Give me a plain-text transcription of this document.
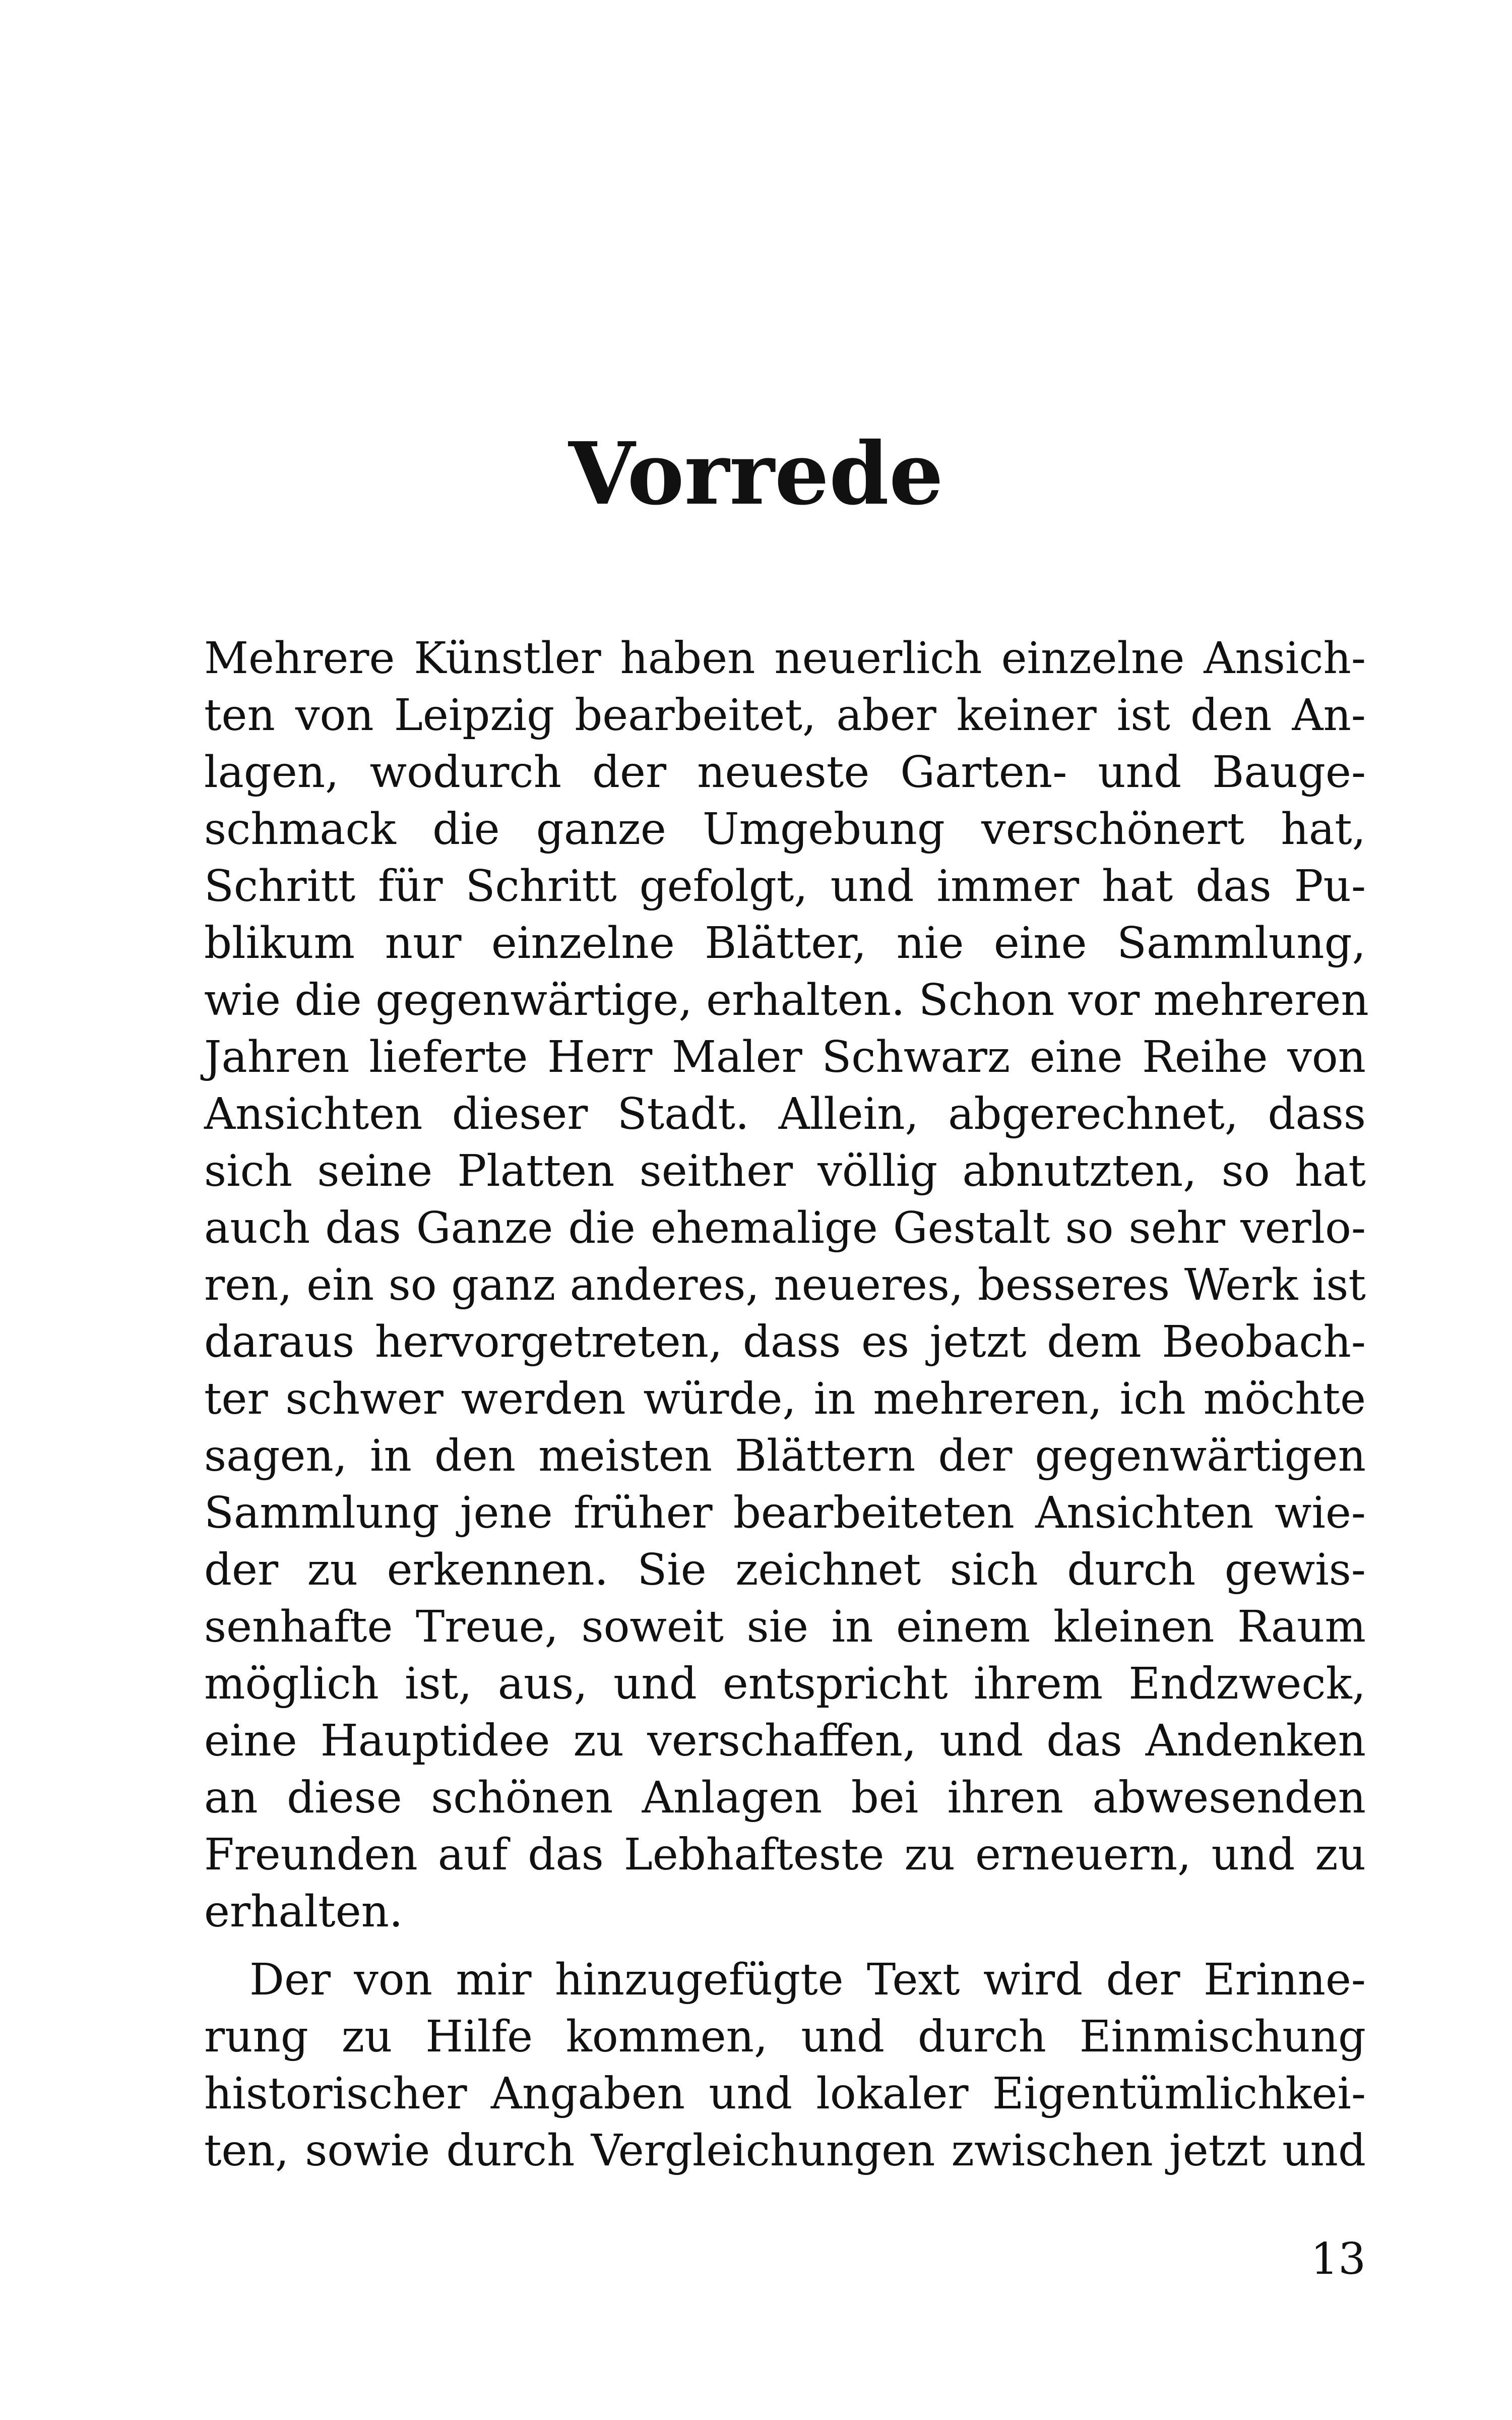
Vorrede
Mehrere Künstler haben neuerlich einzelne Ansich-
ten von Leipzig bearbeitet, aber keiner ist den An-
lagen, wodurch der neueste Garten- und Bauge-
schmack die ganze Umgebung verschönert hat,
Schritt für Schritt gefolgt, und immer hat das Pu-
blikum nur einzelne Blätter, nie eine Sammlung,
wie die gegenwärtige, erhalten. Schon vor mehreren
Jahren lieferte Herr Maler Schwarz eine Reihe von
Ansichten dieser Stadt. Allein, abgerechnet, dass
sich seine Platten seither völlig abnutzten, so hat
auch das Ganze die ehemalige Gestalt so sehr verlo-
ren, ein so ganz anderes, neueres, besseres Werk ist
daraus hervorgetreten, dass es jetzt dem Beobach-
ter schwer werden würde, in mehreren, ich möchte
sagen, in den meisten Blättern der gegenwärtigen
Sammlung jene früher bearbeiteten Ansichten wie-
der zu erkennen. Sie zeichnet sich durch gewis-
senhafte Treue, soweit sie in einem kleinen Raum
möglich ist, aus, und entspricht ihrem Endzweck,
eine Hauptidee zu verschaffen, und das Andenken
an diese schönen Anlagen bei ihren abwesenden
Freunden auf das Lebhafteste zu erneuern, und zu
erhalten.
Der von mir hinzugefügte Text wird der Erinne-
rung zu Hilfe kommen, und durch Einmischung
historischer Angaben und lokaler Eigentümlichkei-
ten, sowie durch Vergleichungen zwischen jetzt und
13
